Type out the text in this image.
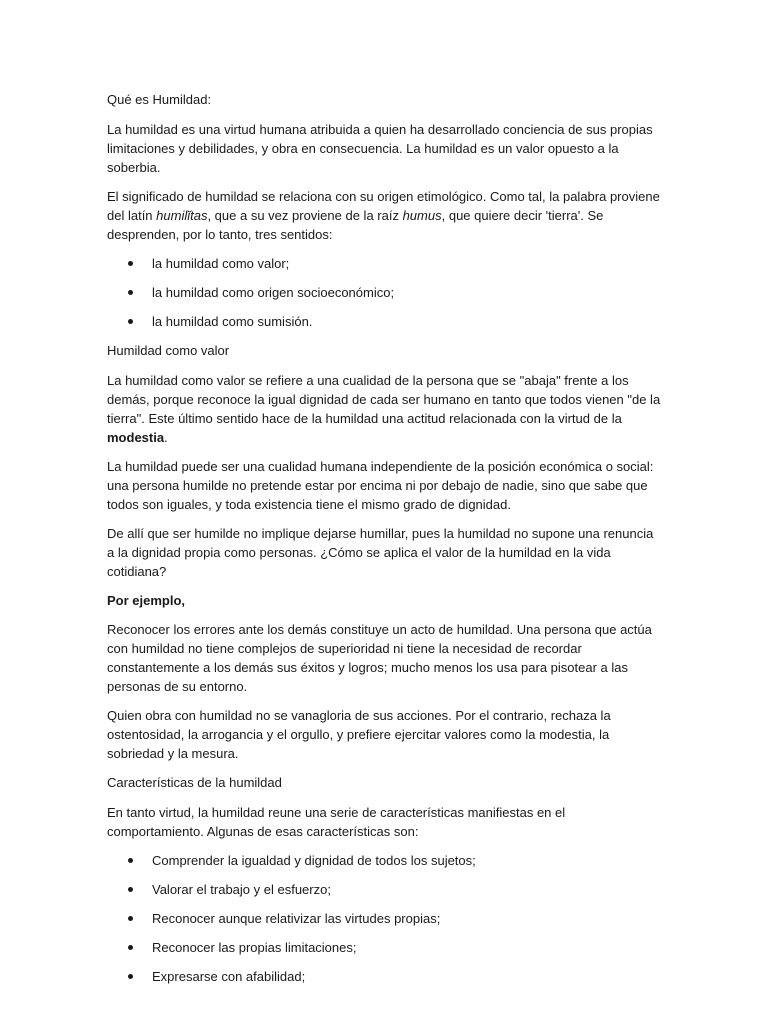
Qué es Humildad:

La humildad es una virtud humana atribuida a quien ha desarrollado conciencia de sus propias limitaciones y debilidades, y obra en consecuencia. La humildad es un valor opuesto a la soberbia.

El significado de humildad se relaciona con su origen etimológico. Como tal, la palabra proviene del latín humilĭtas, que a su vez proviene de la raíz humus, que quiere decir 'tierra'. Se desprenden, por lo tanto, tres sentidos:

la humildad como valor;
la humildad como origen socioeconómico;
la humildad como sumisión.

Humildad como valor

La humildad como valor se refiere a una cualidad de la persona que se "abaja" frente a los demás, porque reconoce la igual dignidad de cada ser humano en tanto que todos vienen "de la tierra". Este último sentido hace de la humildad una actitud relacionada con la virtud de la modestia.

La humildad puede ser una cualidad humana independiente de la posición económica o social: una persona humilde no pretende estar por encima ni por debajo de nadie, sino que sabe que todos son iguales, y toda existencia tiene el mismo grado de dignidad.

De allí que ser humilde no implique dejarse humillar, pues la humildad no supone una renuncia a la dignidad propia como personas. ¿Cómo se aplica el valor de la humildad en la vida cotidiana?

Por ejemplo,

Reconocer los errores ante los demás constituye un acto de humildad. Una persona que actúa con humildad no tiene complejos de superioridad ni tiene la necesidad de recordar constantemente a los demás sus éxitos y logros; mucho menos los usa para pisotear a las personas de su entorno.

Quien obra con humildad no se vanagloria de sus acciones. Por el contrario, rechaza la ostentosidad, la arrogancia y el orgullo, y prefiere ejercitar valores como la modestia, la sobriedad y la mesura.

Características de la humildad

En tanto virtud, la humildad reune una serie de características manifiestas en el comportamiento. Algunas de esas características son:

Comprender la igualdad y dignidad de todos los sujetos;
Valorar el trabajo y el esfuerzo;
Reconocer aunque relativizar las virtudes propias;
Reconocer las propias limitaciones;
Expresarse con afabilidad;
